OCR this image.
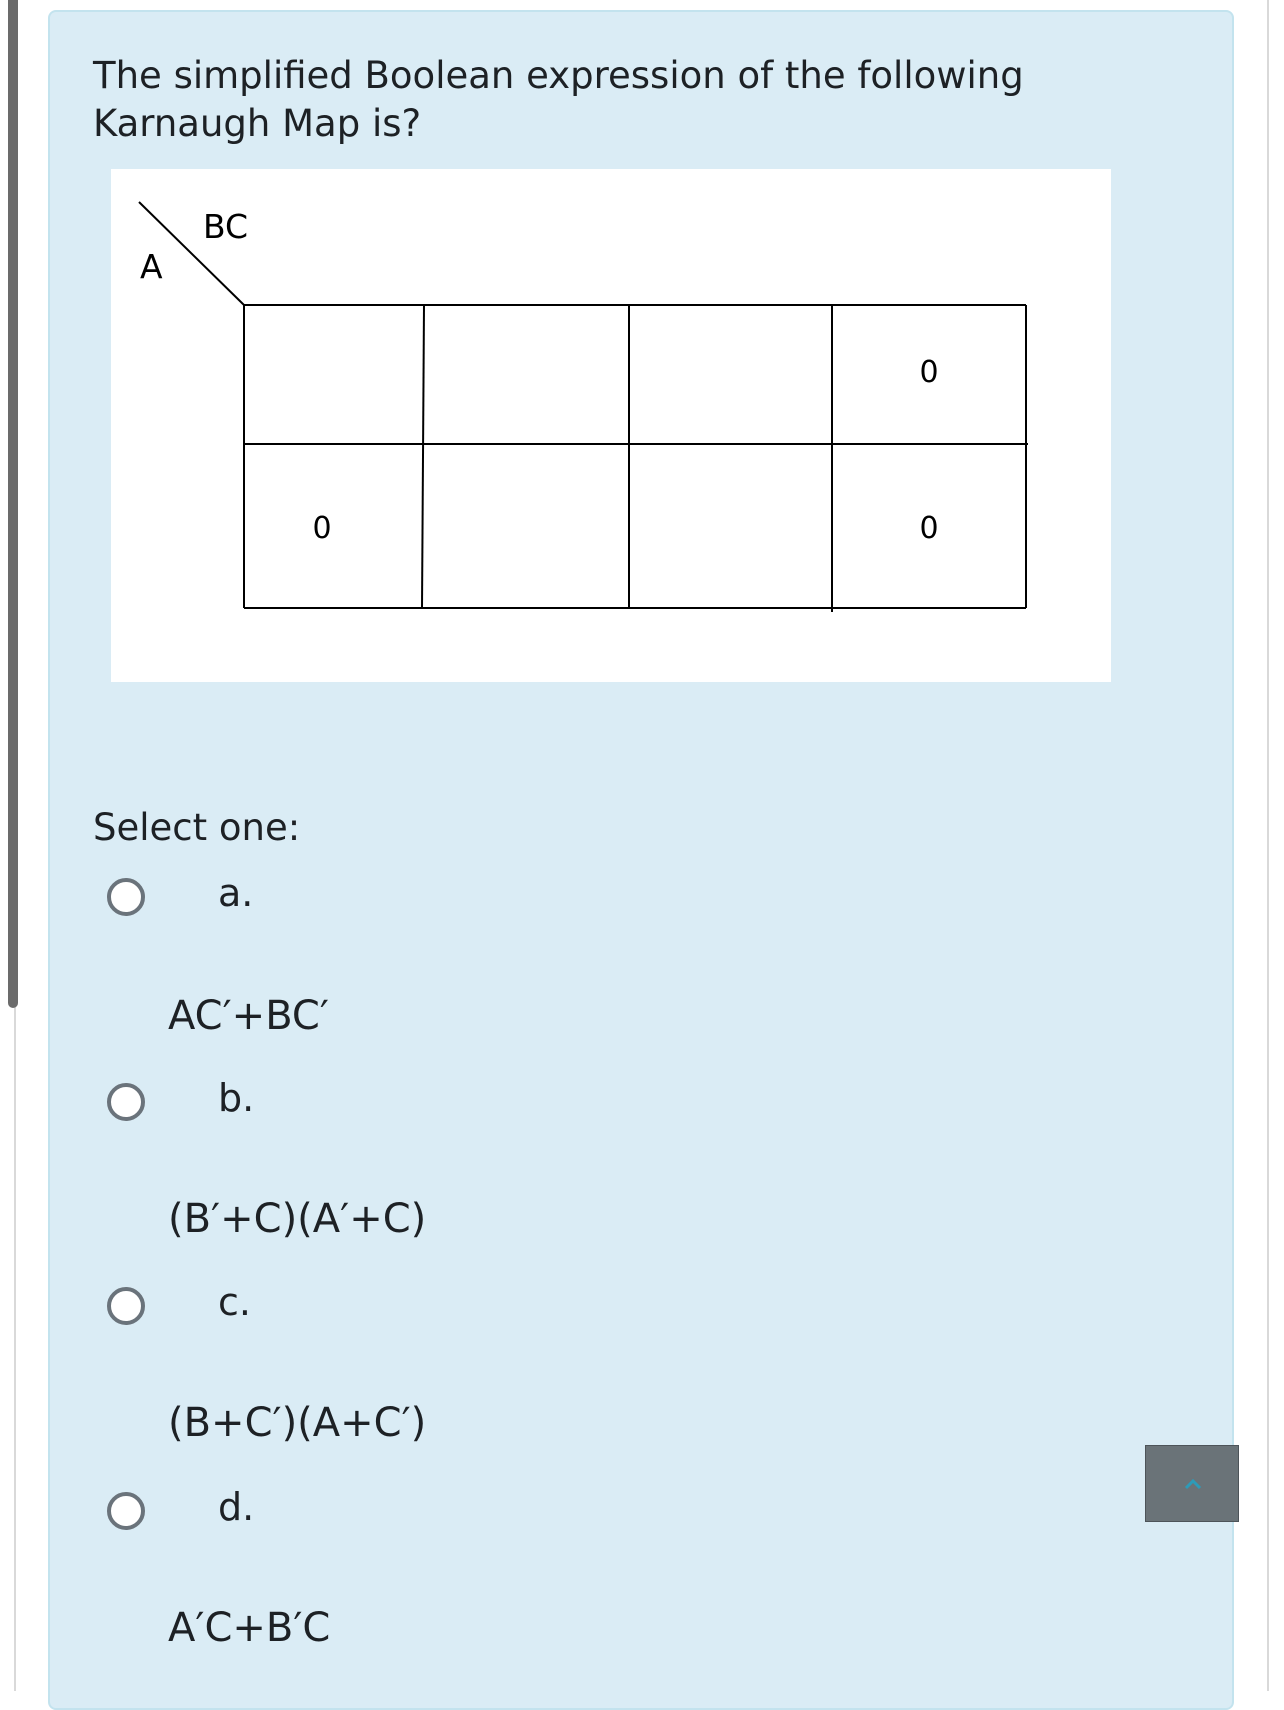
The simplified Boolean expression of the following Karnaugh Map is?
BC
A
0
0	0
Select one:
a.
AC′+BC′
b.
(B′+C)(A′+C)
c.
(B+C′)(A+C′)
d.
A′C+B′C
